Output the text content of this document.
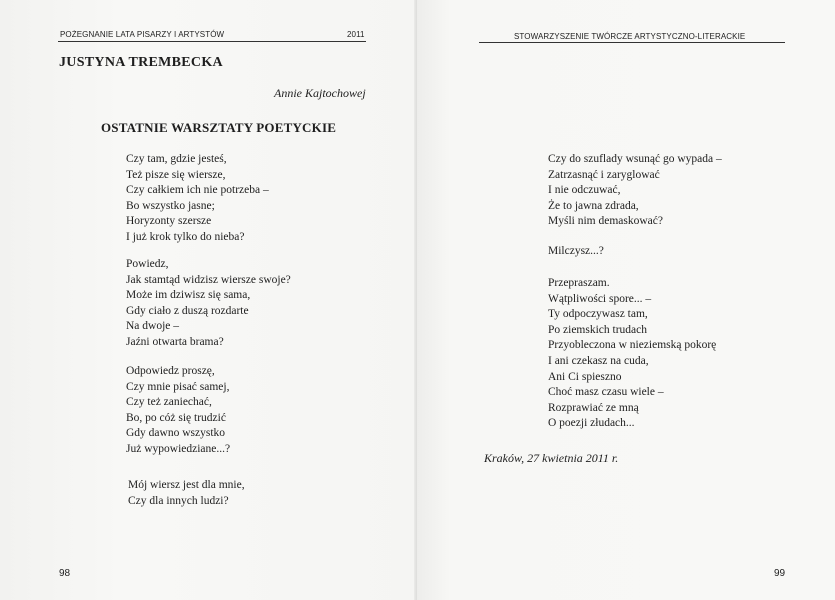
POŻEGNANIE LATA PISARZY I ARTYSTÓW	2011
JUSTYNA TREMBECKA
Annie Kajtochowej
OSTATNIE WARSZTATY POETYCKIE
Czy tam, gdzie jesteś,
Też pisze się wiersze,
Czy całkiem ich nie potrzeba –
Bo wszystko jasne;
Horyzonty szersze
I już krok tylko do nieba?
Powiedz,
Jak stamtąd widzisz wiersze swoje?
Może im dziwisz się sama,
Gdy ciało z duszą rozdarte
Na dwoje –
Jaźni otwarta brama?
Odpowiedz proszę,
Czy mnie pisać samej,
Czy też zaniechać,
Bo, po cóż się trudzić
Gdy dawno wszystko
Już wypowiedziane...?
Mój wiersz jest dla mnie,
Czy dla innych ludzi?
98
STOWARZYSZENIE TWÓRCZE ARTYSTYCZNO-LITERACKIE
Czy do szuflady wsunąć go wypada –
Zatrzasnąć i zaryglować
I nie odczuwać,
Że to jawna zdrada,
Myśli nim demaskować?
Milczysz...?
Przepraszam.
Wątpliwości spore... –
Ty odpoczywasz tam,
Po ziemskich trudach
Przyobleczona w nieziemską pokorę
I ani czekasz na cuda,
Ani Ci spieszno
Choć masz czasu wiele –
Rozprawiać ze mną
O poezji złudach...
Kraków, 27 kwietnia 2011 r.
99
